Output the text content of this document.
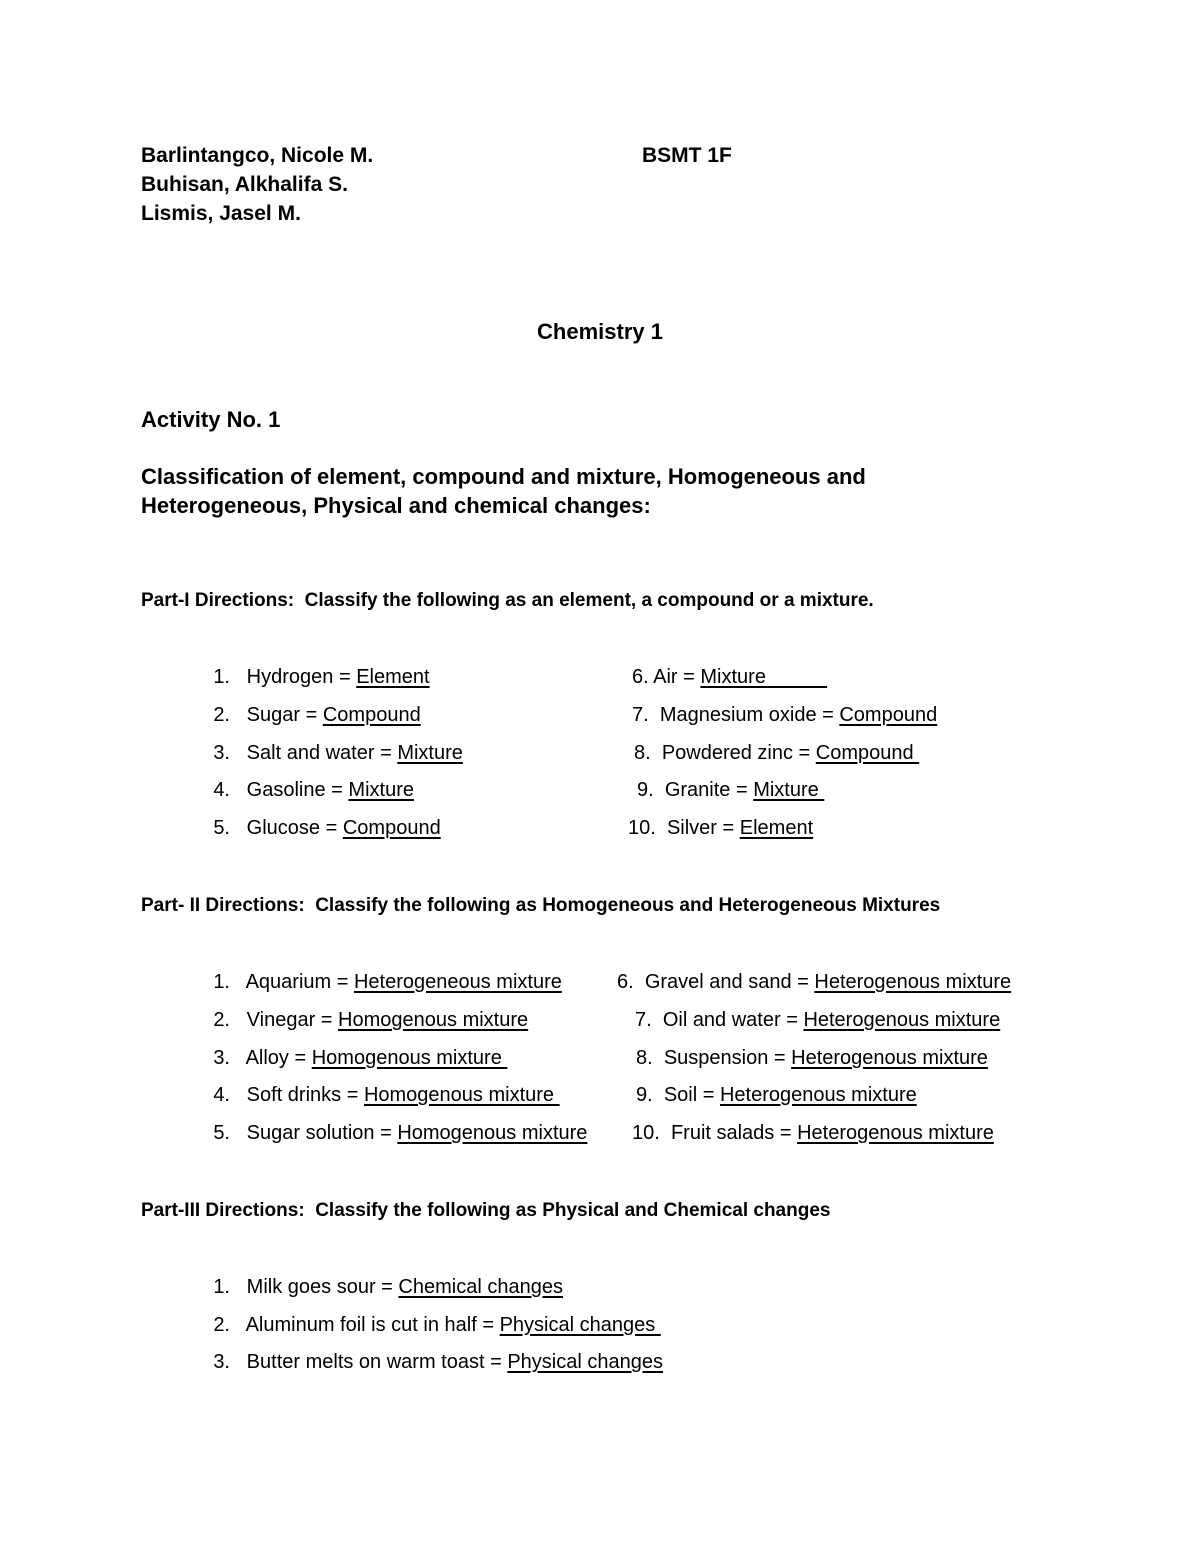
Barlintangco, Nicole M.
Buhisan, Alkhalifa S.
Lismis, Jasel M.
BSMT 1F
Chemistry 1
Activity No. 1
Classification of element, compound and mixture, Homogeneous and
Heterogeneous, Physical and chemical changes:
Part-I Directions:  Classify the following as an element, a compound or a mixture.
1. Hydrogen = Element
2. Sugar = Compound
3. Salt and water = Mixture
4. Gasoline = Mixture
5. Glucose = Compound
6. Air = Mixture
7. Magnesium oxide = Compound
8. Powdered zinc = Compound
9. Granite = Mixture
10. Silver = Element
Part- II Directions:  Classify the following as Homogeneous and Heterogeneous Mixtures
1. Aquarium = Heterogeneous mixture
2. Vinegar = Homogenous mixture
3. Alloy = Homogenous mixture
4. Soft drinks = Homogenous mixture
5. Sugar solution = Homogenous mixture
6. Gravel and sand = Heterogenous mixture
7. Oil and water = Heterogenous mixture
8. Suspension = Heterogenous mixture
9. Soil = Heterogenous mixture
10. Fruit salads = Heterogenous mixture
Part-III Directions:  Classify the following as Physical and Chemical changes
1. Milk goes sour = Chemical changes
2. Aluminum foil is cut in half = Physical changes
3. Butter melts on warm toast = Physical changes
